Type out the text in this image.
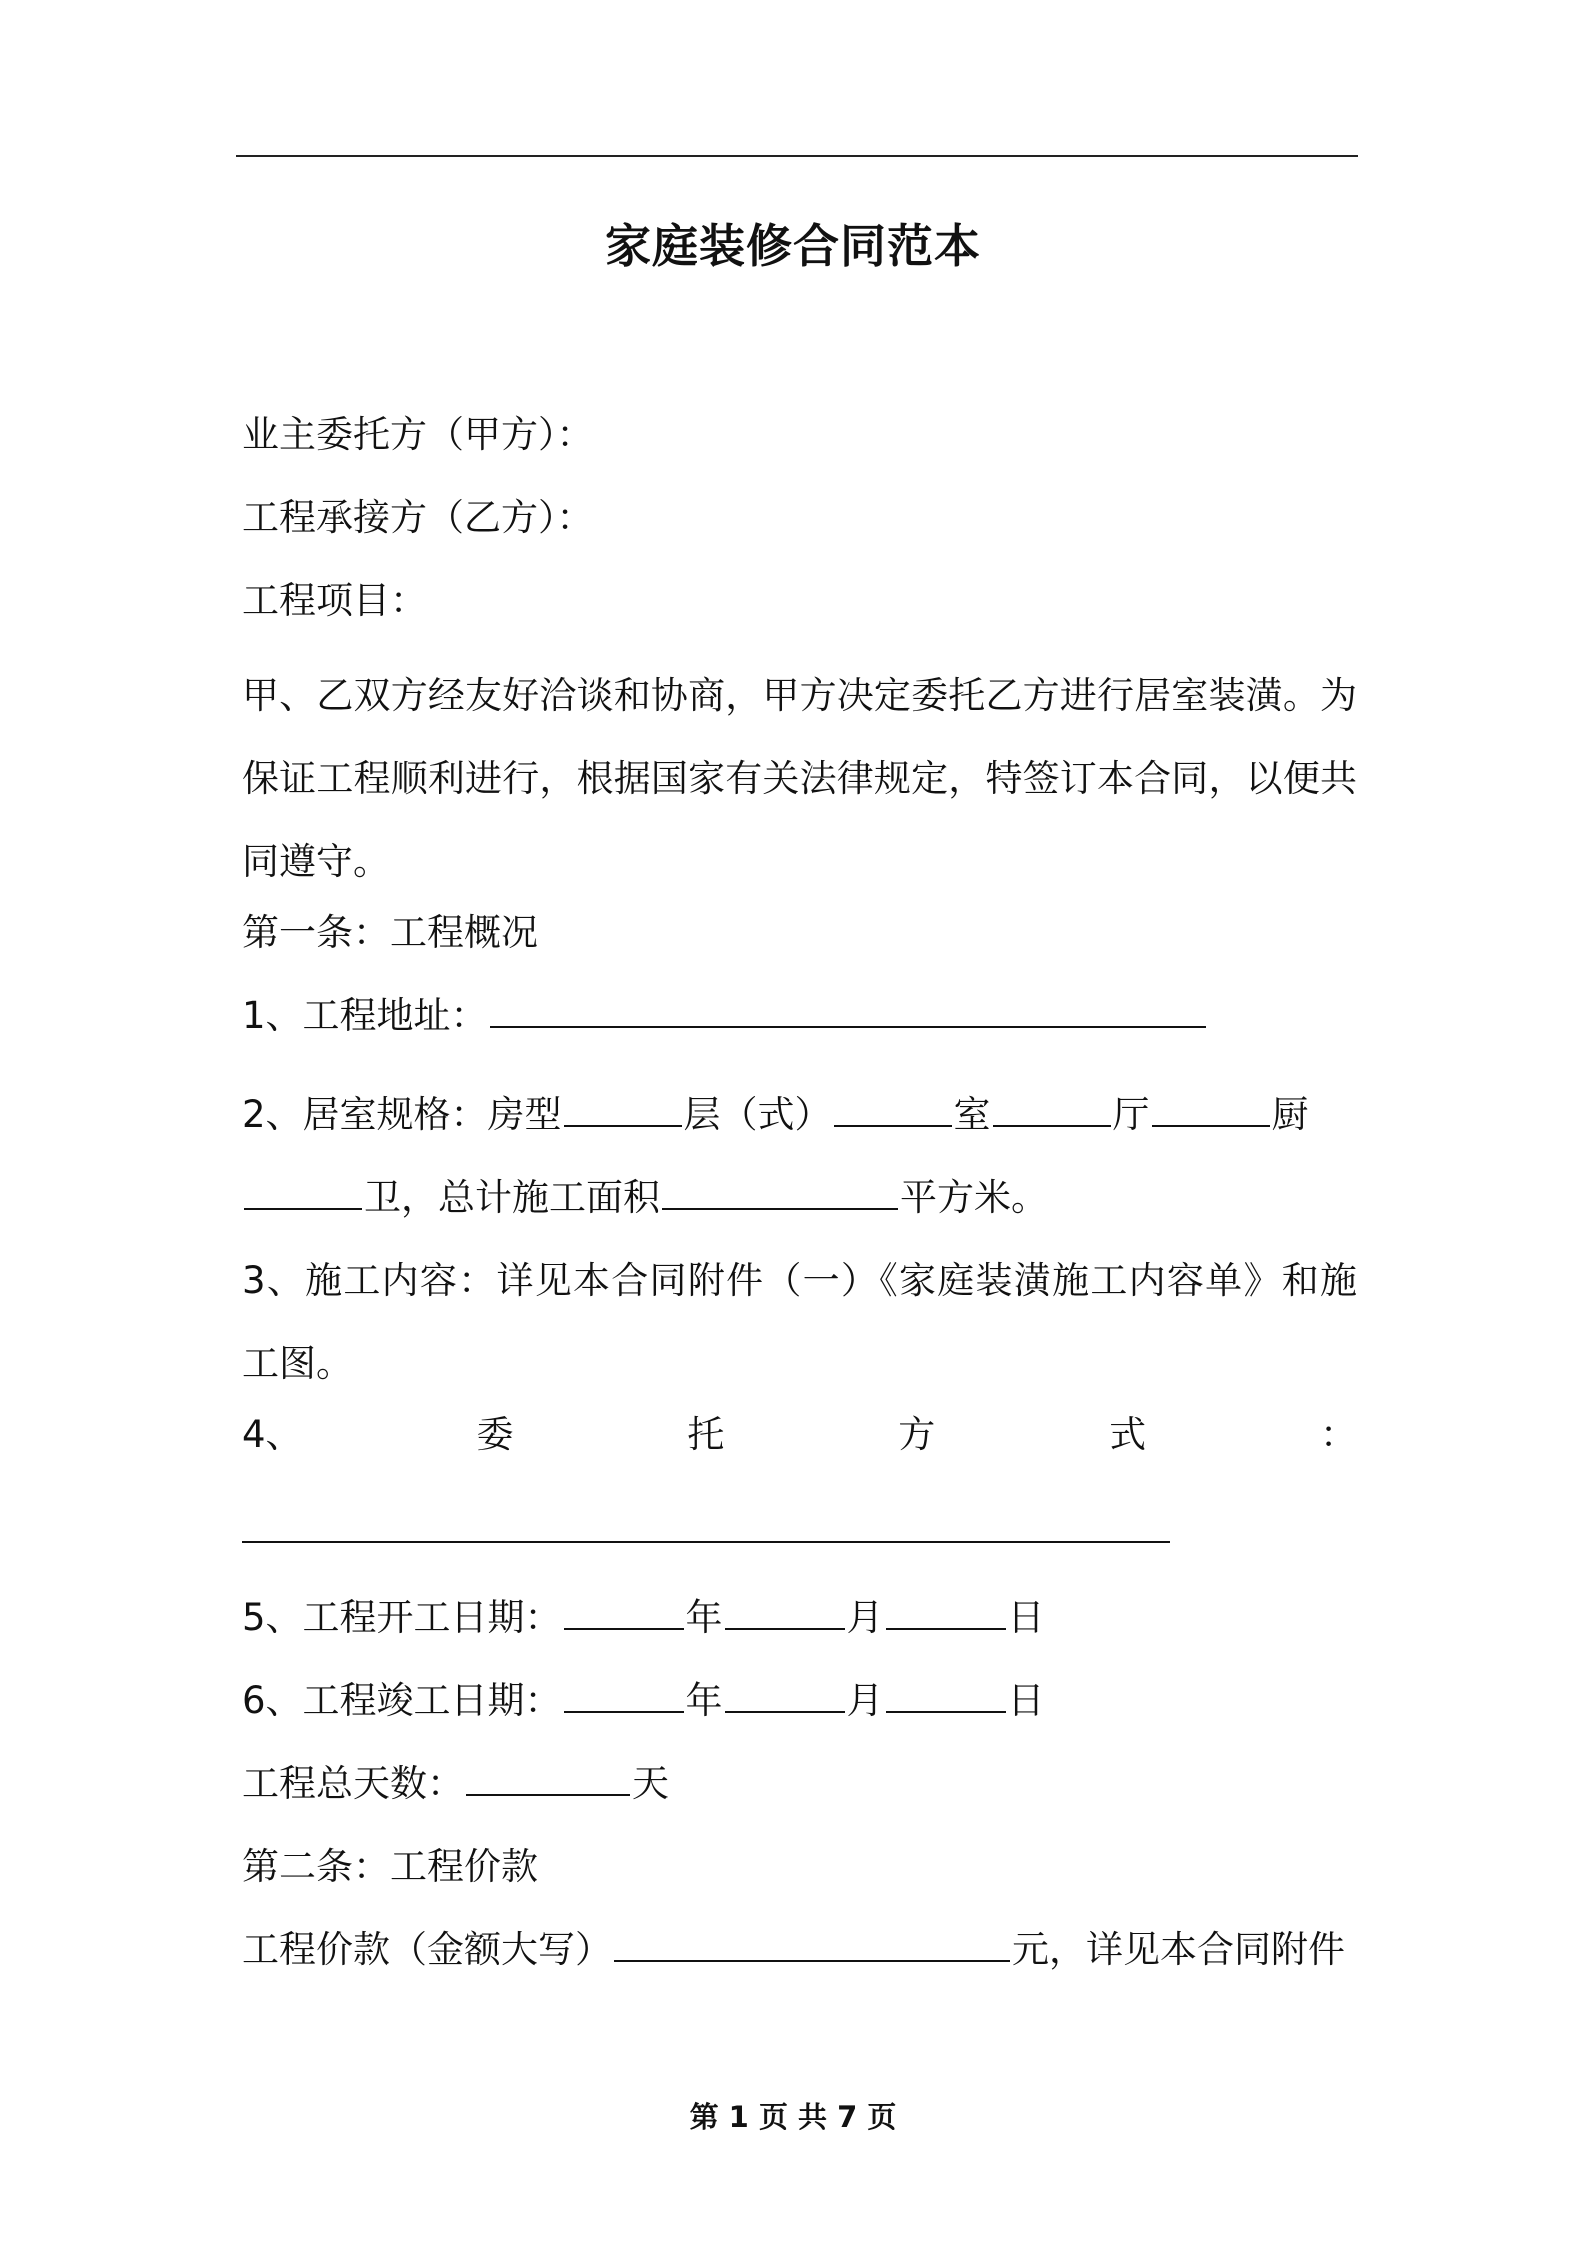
家庭装修合同范本
业主委托方（甲方）：
工程承接方（乙方）：
工程项目：
甲、乙双方经友好洽谈和协商，甲方决定委托乙方进行居室装潢。为保证工程顺利进行，根据国家有关法律规定，特签订本合同，以便共同遵守。
第一条：工程概况
1、工程地址：
2、居室规格：房型	层（式）	室	厅	厨
卫，总计施工面积	平方米。
3、施工内容：详见本合同附件（一）《家庭装潢施工内容单》和施工图。
4、	委	托	方	式	：
5、工程开工日期：	年	月	日
6、工程竣工日期：	年	月	日
工程总天数：	天
第二条：工程价款
工程价款（金额大写）	元，详见本合同附件
第 1 页 共 7 页
